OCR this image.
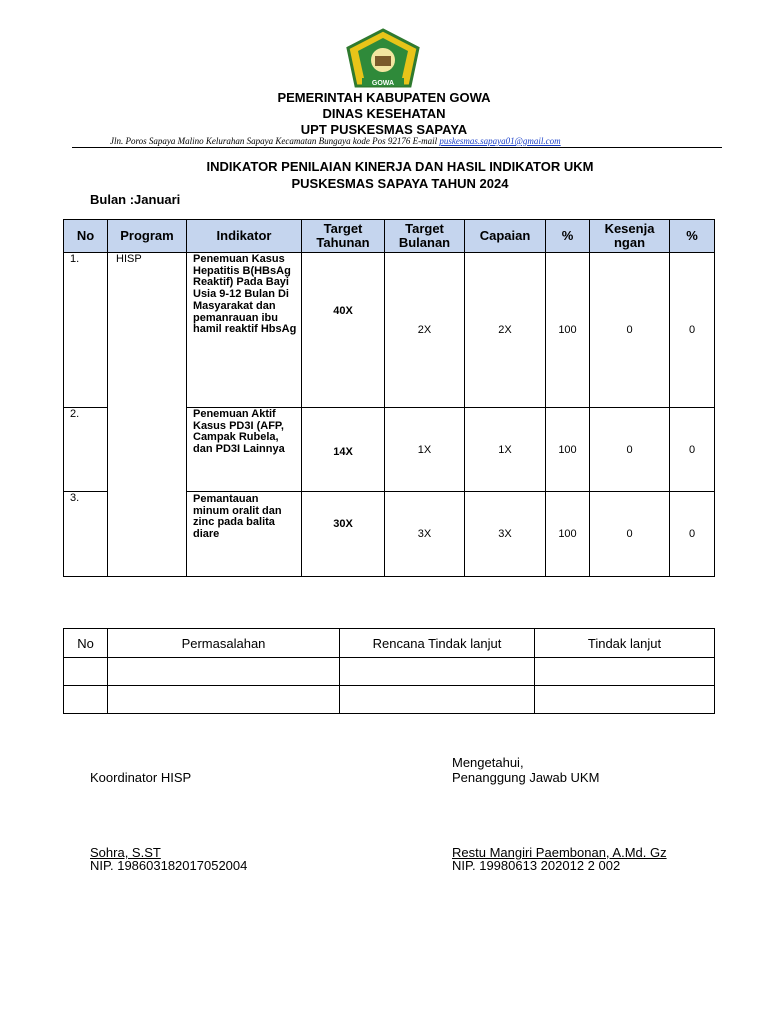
GOWA
PEMERINTAH KABUPATEN GOWA
DINAS KESEHATAN
UPT PUSKESMAS SAPAYA
Jln. Poros Sapaya Malino Kelurahan Sapaya Kecamatan Bungaya kode Pos 92176 E-mail puskesmas.sapaya01@gmail.com
INDIKATOR PENILAIAN KINERJA DAN HASIL INDIKATOR UKM
PUSKESMAS SAPAYA TAHUN 2024
Bulan :Januari
No	Program	Indikator	Target Tahunan	Target Bulanan	Capaian	%	Kesenja ngan	%
1.	HISP	Penemuan Kasus Hepatitis B(HBsAg Reaktif) Pada Bayi Usia 9-12 Bulan Di Masyarakat dan pemanrauan ibu hamil reaktif HbsAg	40X	2X	2X	100	0	0
2.		Penemuan Aktif Kasus PD3I (AFP, Campak Rubela, dan PD3I Lainnya	14X	1X	1X	100	0	0
3.		Pemantauan minum oralit dan zinc pada balita diare	30X	3X	3X	100	0	0
No	Permasalahan	Rencana Tindak lanjut	Tindak lanjut

Mengetahui,
Koordinator HISP	Penanggung Jawab UKM
Sohra, S.ST
NIP. 198603182017052004
Restu Mangiri Paembonan, A.Md. Gz
NIP. 19980613 202012 2 002
